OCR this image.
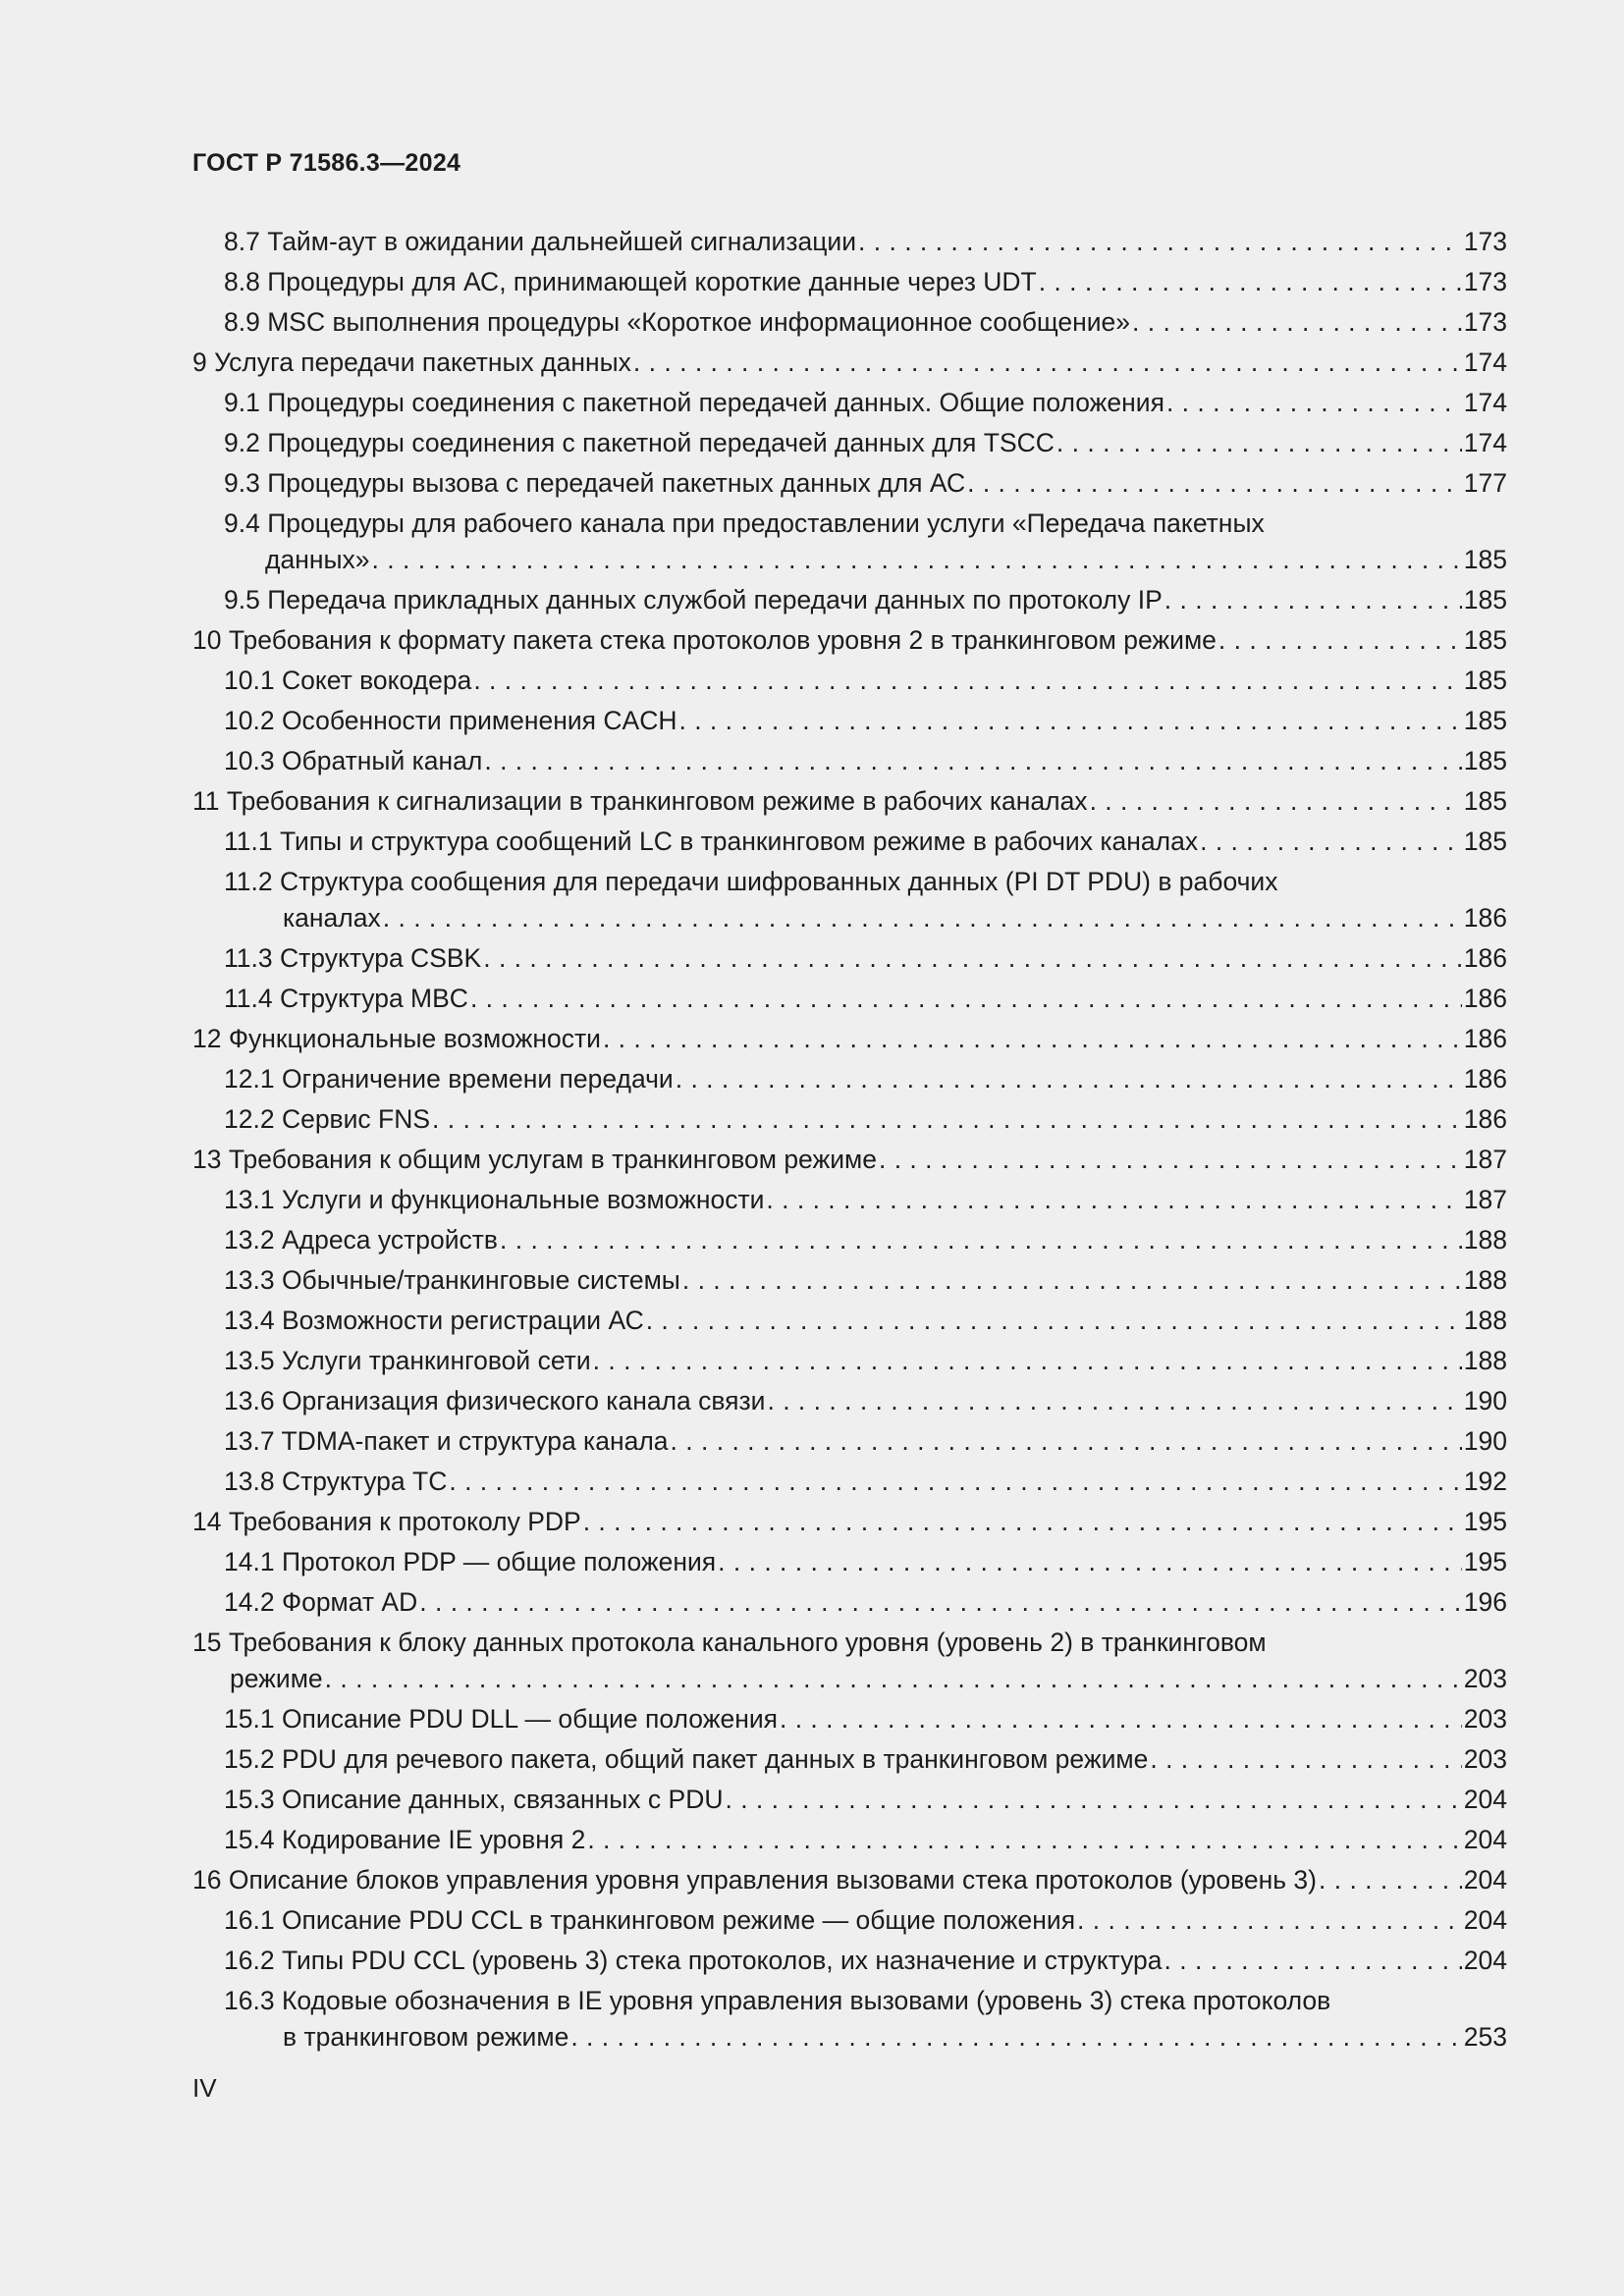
ГОСТ Р 71586.3—2024
8.7 Тайм-аут в ожидании дальнейшей сигнализации . . .	173
8.8 Процедуры для АС, принимающей короткие данные через UDT . . .	173
8.9 MSC выполнения процедуры «Короткое информационное сообщение» . . .	173
9 Услуга передачи пакетных данных . . .	174
9.1 Процедуры соединения с пакетной передачей данных. Общие положения . . .	174
9.2 Процедуры соединения с пакетной передачей данных для TSCC . . .	174
9.3 Процедуры вызова с передачей пакетных данных для АС . . .	177
9.4 Процедуры для рабочего канала при предоставлении услуги «Передача пакетных
данных» . . .	185
9.5 Передача прикладных данных службой передачи данных по протоколу IP . . .	185
10 Требования к формату пакета стека протоколов уровня 2 в транкинговом режиме . . .	185
10.1 Сокет вокодера . . .	185
10.2 Особенности применения CACH . . .	185
10.3 Обратный канал . . .	185
11 Требования к сигнализации в транкинговом режиме в рабочих каналах . . .	185
11.1 Типы и структура сообщений LC в транкинговом режиме в рабочих каналах . . .	185
11.2 Структура сообщения для передачи шифрованных данных (PI DT PDU) в рабочих
каналах . . .	186
11.3 Структура CSBK . . .	186
11.4 Структура MBC . . .	186
12 Функциональные возможности . . .	186
12.1 Ограничение времени передачи . . .	186
12.2 Сервис FNS . . .	186
13 Требования к общим услугам в транкинговом режиме . . .	187
13.1 Услуги и функциональные возможности . . .	187
13.2 Адреса устройств . . .	188
13.3 Обычные/транкинговые системы . . .	188
13.4 Возможности регистрации АС . . .	188
13.5 Услуги транкинговой сети . . .	188
13.6 Организация физического канала связи . . .	190
13.7 TDMA-пакет и структура канала . . .	190
13.8 Структура TC . . .	192
14 Требования к протоколу PDP . . .	195
14.1 Протокол PDP — общие положения . . .	195
14.2 Формат AD . . .	196
15 Требования к блоку данных протокола канального уровня (уровень 2) в транкинговом
режиме . . .	203
15.1 Описание PDU DLL — общие положения . . .	203
15.2 PDU для речевого пакета, общий пакет данных в транкинговом режиме . . .	203
15.3 Описание данных, связанных с PDU . . .	204
15.4 Кодирование IE уровня 2 . . .	204
16 Описание блоков управления уровня управления вызовами стека протоколов (уровень 3) . . .	204
16.1 Описание PDU CCL в транкинговом режиме — общие положения . . .	204
16.2 Типы PDU CCL (уровень 3) стека протоколов, их назначение и структура . . .	204
16.3 Кодовые обозначения в IE уровня управления вызовами (уровень 3) стека протоколов
в транкинговом режиме . . .	253
IV
